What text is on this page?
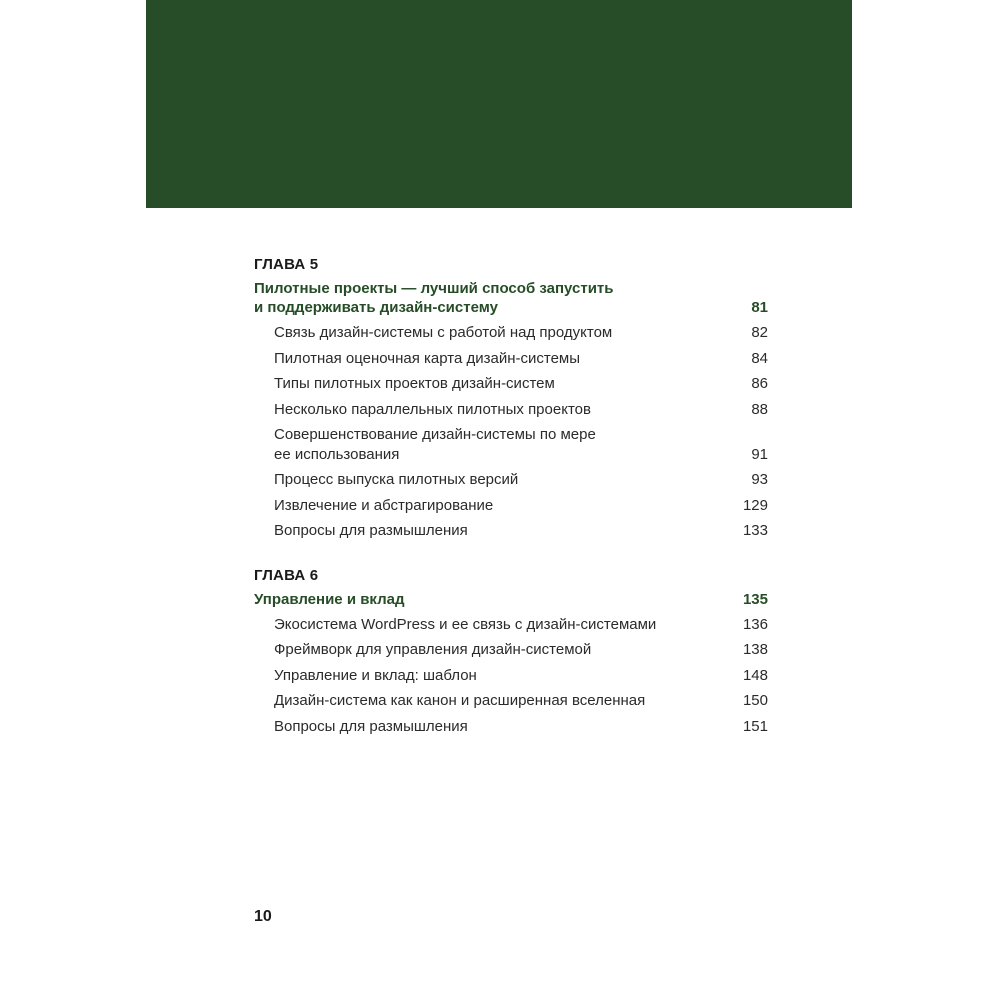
ГЛАВА 5
Пилотные проекты — лучший способ запустить
и поддерживать дизайн-систему	81
Связь дизайн-системы с работой над продуктом	82
Пилотная оценочная карта дизайн-системы	84
Типы пилотных проектов дизайн-систем	86
Несколько параллельных пилотных проектов	88
Совершенствование дизайн-системы по мере
ее использования	91
Процесс выпуска пилотных версий	93
Извлечение и абстрагирование	129
Вопросы для размышления	133
ГЛАВА 6
Управление и вклад	135
Экосистема WordPress и ее связь с дизайн-системами	136
Фреймворк для управления дизайн-системой	138
Управление и вклад: шаблон	148
Дизайн-система как канон и расширенная вселенная	150
Вопросы для размышления	151
10
